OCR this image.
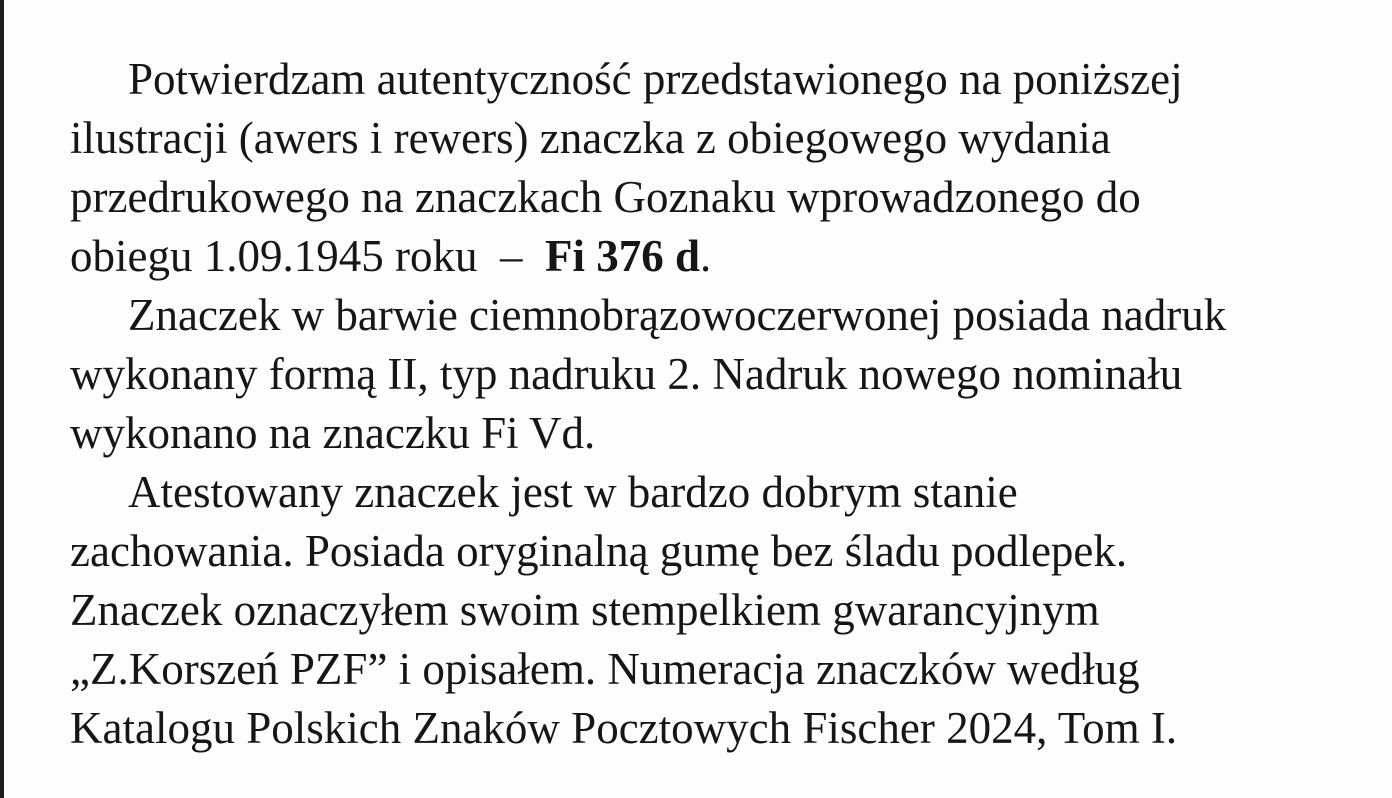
Potwierdzam autentyczność przedstawionego na poniższej
ilustracji (awers i rewers) znaczka z obiegowego wydania
przedrukowego na znaczkach Goznaku wprowadzonego do
obiegu 1.09.1945 roku  –  Fi 376 d.
Znaczek w barwie ciemnobrązowoczerwonej posiada nadruk
wykonany formą II, typ nadruku 2. Nadruk nowego nominału
wykonano na znaczku Fi Vd.
Atestowany znaczek jest w bardzo dobrym stanie
zachowania. Posiada oryginalną gumę bez śladu podlepek.
Znaczek oznaczyłem swoim stempelkiem gwarancyjnym
„Z.Korszeń PZF” i opisałem. Numeracja znaczków według
Katalogu Polskich Znaków Pocztowych Fischer 2024, Tom I.
